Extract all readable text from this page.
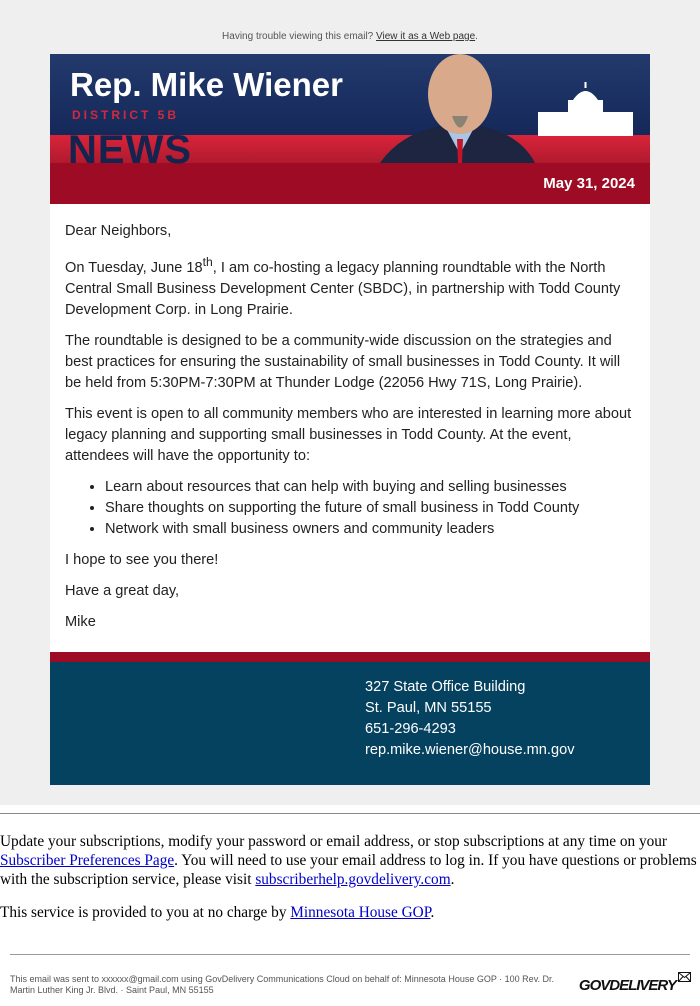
Having trouble viewing this email? View it as a Web page.
Rep. Mike Wiener
DISTRICT 5B
NEWS
May 31, 2024

Dear Neighbors,

On Tuesday, June 18th, I am co-hosting a legacy planning roundtable with the North Central Small Business Development Center (SBDC), in partnership with Todd County Development Corp. in Long Prairie.

The roundtable is designed to be a community-wide discussion on the strategies and best practices for ensuring the sustainability of small businesses in Todd County. It will be held from 5:30PM-7:30PM at Thunder Lodge (22056 Hwy 71S, Long Prairie).

This event is open to all community members who are interested in learning more about legacy planning and supporting small businesses in Todd County. At the event, attendees will have the opportunity to:

• Learn about resources that can help with buying and selling businesses
• Share thoughts on supporting the future of small business in Todd County
• Network with small business owners and community leaders

I hope to see you there!

Have a great day,

Mike

327 State Office Building
St. Paul, MN 55155
651-296-4293
rep.mike.wiener@house.mn.gov

Update your subscriptions, modify your password or email address, or stop subscriptions at any time on your Subscriber Preferences Page. You will need to use your email address to log in. If you have questions or problems with the subscription service, please visit subscriberhelp.govdelivery.com.

This service is provided to you at no charge by Minnesota House GOP.

This email was sent to xxxxxx@gmail.com using GovDelivery Communications Cloud on behalf of: Minnesota House GOP · 100 Rev. Dr. Martin Luther King Jr. Blvd. · Saint Paul, MN 55155	GOVDELIVERY
